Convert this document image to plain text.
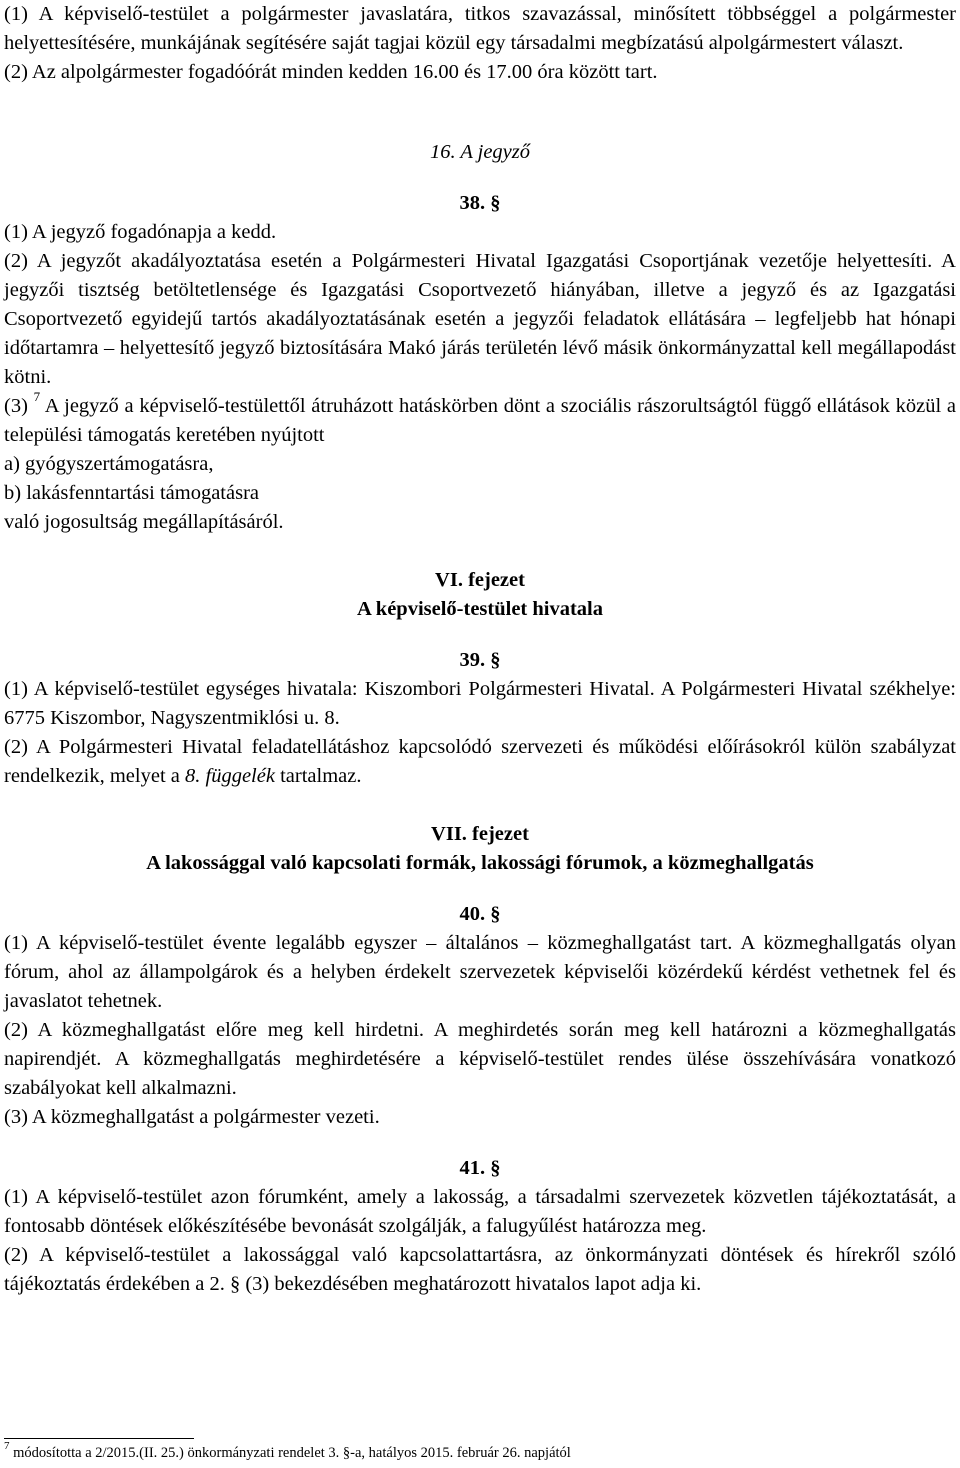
(1) A képviselő-testület a polgármester javaslatára, titkos szavazással, minősített többséggel a polgármester helyettesítésére, munkájának segítésére saját tagjai közül egy társadalmi megbízatású alpolgármestert választ.

(2) Az alpolgármester fogadóórát minden kedden 16.00 és 17.00 óra között tart.

16. A jegyző

38. §

(1) A jegyző fogadónapja a kedd.

(2) A jegyzőt akadályoztatása esetén a Polgármesteri Hivatal Igazgatási Csoportjának vezetője helyettesíti. A jegyzői tisztség betöltetlensége és Igazgatási Csoportvezető hiányában, illetve a jegyző és az Igazgatási Csoportvezető egyidejű tartós akadályoztatásának esetén a jegyzői feladatok ellátására – legfeljebb hat hónapi időtartamra – helyettesítő jegyző biztosítására Makó járás területén lévő másik önkormányzattal kell megállapodást kötni.

(3) $^7$ A jegyző a képviselő-testülettől átruházott hatáskörben dönt a szociális rászorultságtól függő ellátások közül a települési támogatás keretében nyújtott

a) gyógyszertámogatásra,

b) lakásfenntartási támogatásra

való jogosultság megállapításáról.

VI. fejezet

A képviselő-testület hivatala

39. §

(1) A képviselő-testület egységes hivatala: Kiszombori Polgármesteri Hivatal. A Polgármesteri Hivatal székhelye: 6775 Kiszombor, Nagyszentmiklósi u. 8.

(2) A Polgármesteri Hivatal feladatellátáshoz kapcsolódó szervezeti és működési előírásokról külön szabályzat rendelkezik, melyet a 8. függelék tartalmaz.

VII. fejezet

A lakossággal való kapcsolati formák, lakossági fórumok, a közmeghallgatás

40. §

(1) A képviselő-testület évente legalább egyszer – általános – közmeghallgatást tart. A közmeghallgatás olyan fórum, ahol az állampolgárok és a helyben érdekelt szervezetek képviselői közérdekű kérdést vethetnek fel és javaslatot tehetnek.

(2) A közmeghallgatást előre meg kell hirdetni. A meghirdetés során meg kell határozni a közmeghallgatás napirendjét. A közmeghallgatás meghirdetésére a képviselő-testület rendes ülése összehívására vonatkozó szabályokat kell alkalmazni.

(3) A közmeghallgatást a polgármester vezeti.

41. §

(1) A képviselő-testület azon fórumként, amely a lakosság, a társadalmi szervezetek közvetlen tájékoztatását, a fontosabb döntések előkészítésébe bevonását szolgálják, a falugyűlést határozza meg.

(2) A képviselő-testület a lakossággal való kapcsolattartásra, az önkormányzati döntések és hírekről szóló tájékoztatás érdekében a 2. § (3) bekezdésében meghatározott hivatalos lapot adja ki.

$^7$ módosította a 2/2015.(II. 25.) önkormányzati rendelet 3. §-a, hatályos 2015. február 26. napjától
